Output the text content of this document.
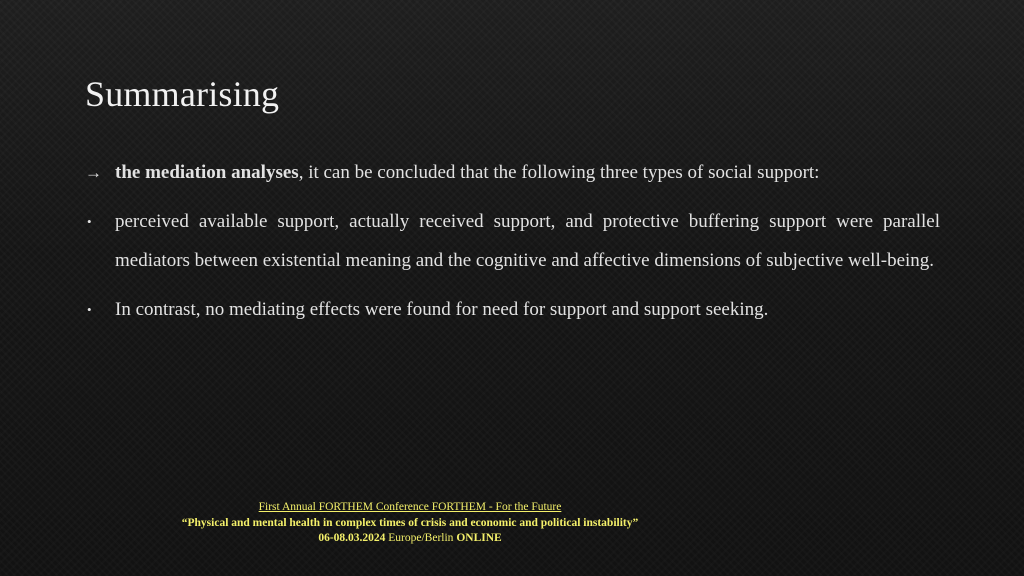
Summarising
→ the mediation analyses, it can be concluded that the following three types of social support:
•	perceived available support, actually received support, and protective buffering support were parallel mediators between existential meaning and the cognitive and affective dimensions of subjective well-being.
•	In contrast, no mediating effects were found for need for support and support seeking.
First Annual FORTHEM Conference FORTHEM - For the Future
“Physical and mental health in complex times of crisis and economic and political instability”
06-08.03.2024 Europe/Berlin ONLINE
